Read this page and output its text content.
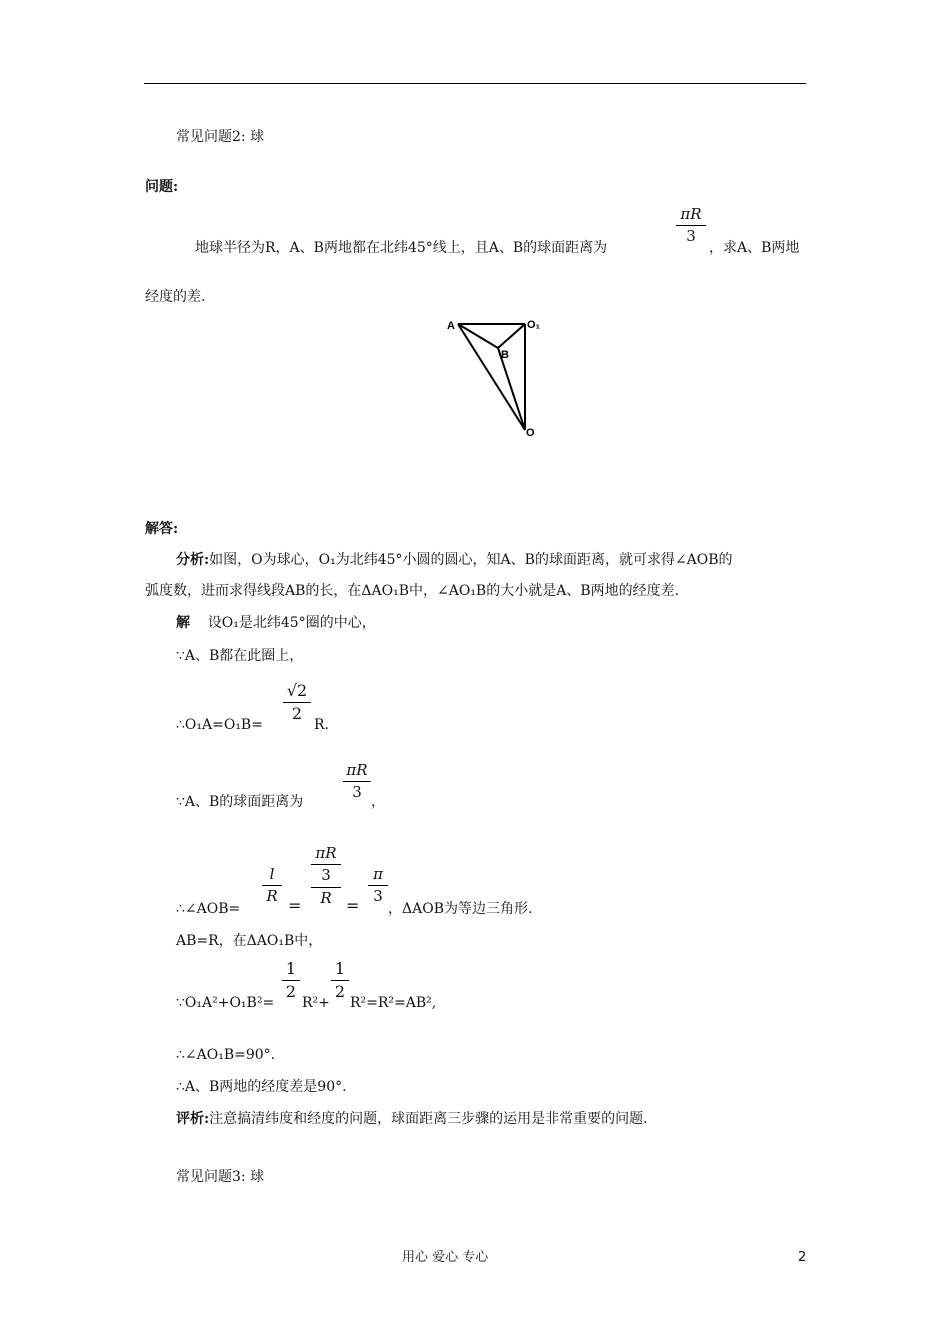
常见问题2: 球
问题:
地球半径为R，A、B两地都在北纬45°线上，且A、B的球面距离为
πR
3
，求A、B两地
经度的差.
A	O₁
B
O
解答:
分析:如图，O为球心，O₁为北纬45°小圆的圆心，知A、B的球面距离，就可求得∠AOB的
弧度数，进而求得线段AB的长，在ΔAO₁B中，∠AO₁B的大小就是A、B两地的经度差.
解 设O₁是北纬45°圈的中心，
∵A、B都在此圈上，
∴O₁A=O₁B=
√2
2
R.
∵A、B的球面距离为
πR
3
，
∴∠AOB=
l
R =
πR
3
R =
π
3
，ΔAOB为等边三角形.
AB=R，在ΔAO₁B中，
∵O₁A²+O₁B²=
1
2
R²+
1
2
R²=R²=AB²,
∴∠AO₁B=90°.
∴A、B两地的经度差是90°.
评析:注意搞清纬度和经度的问题，球面距离三步骤的运用是非常重要的问题.
常见问题3: 球
用心 爱心 专心	2
